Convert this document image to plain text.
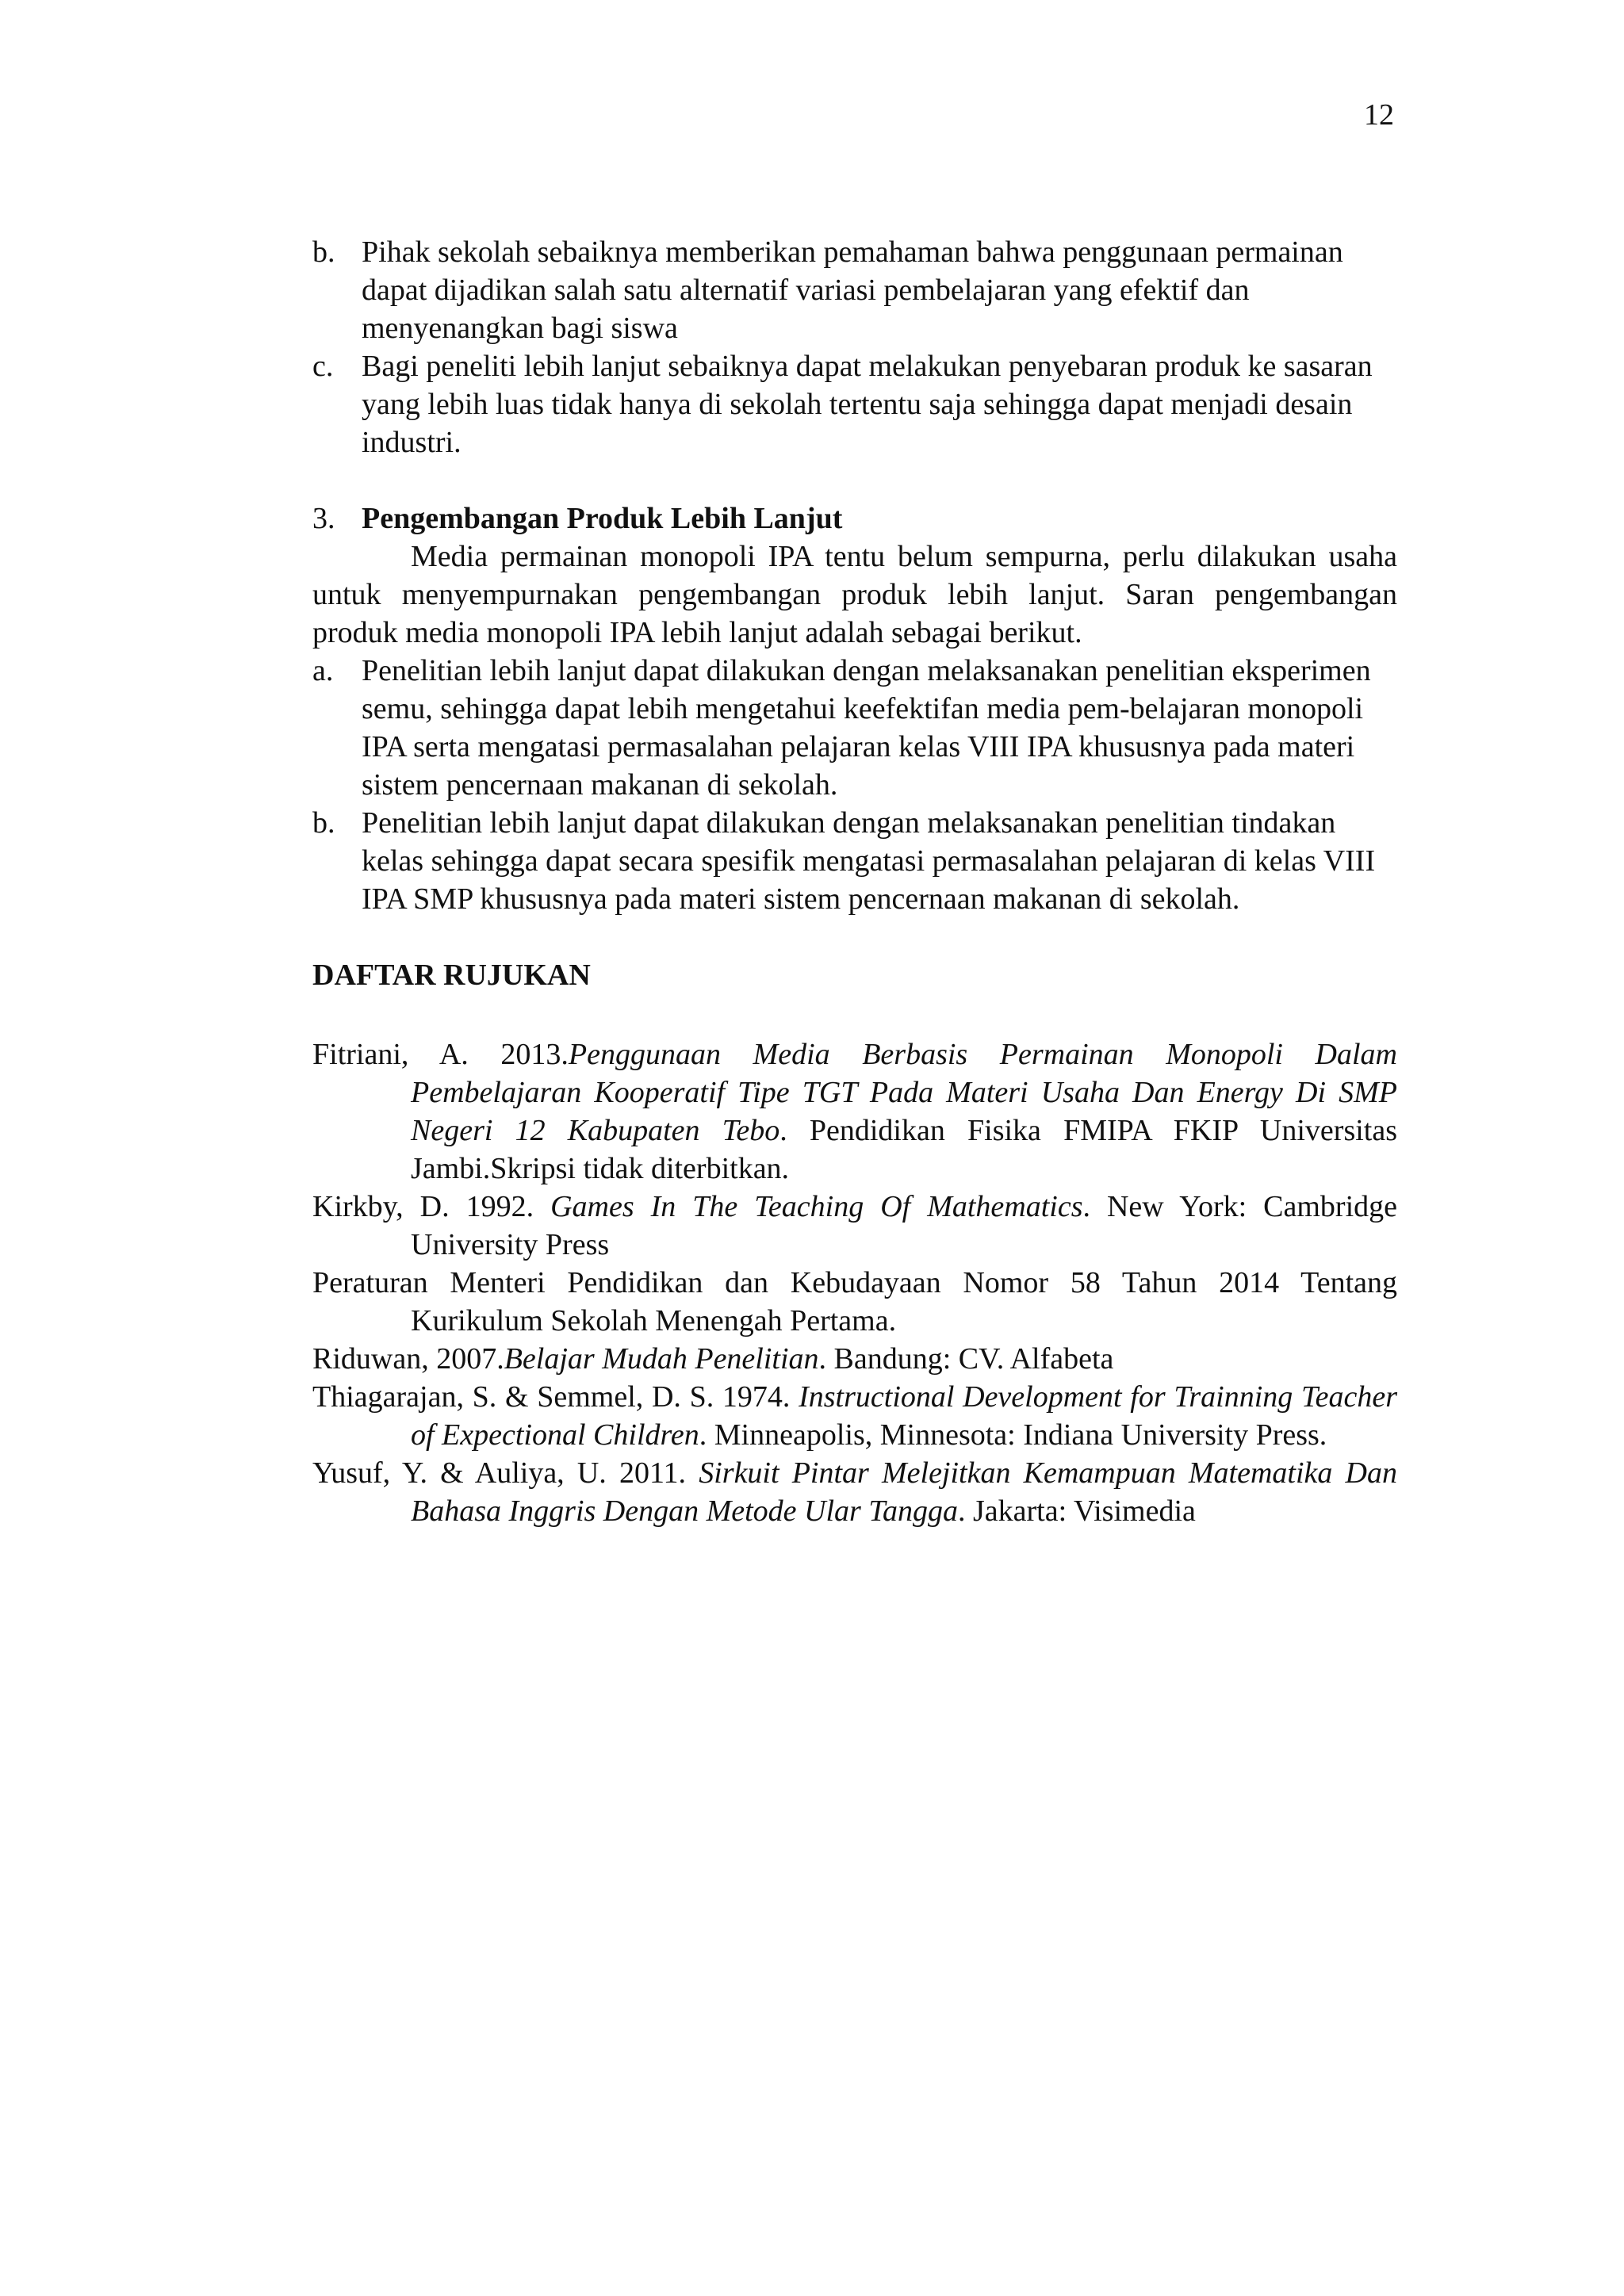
12
b. Pihak sekolah sebaiknya memberikan pemahaman bahwa penggunaan permainan dapat dijadikan salah satu alternatif variasi pembelajaran yang efektif dan menyenangkan bagi siswa
c. Bagi peneliti lebih lanjut sebaiknya dapat melakukan penyebaran produk ke sasaran yang lebih luas tidak hanya di sekolah tertentu saja sehingga dapat menjadi desain industri.
3. Pengembangan Produk Lebih Lanjut
Media permainan monopoli IPA tentu belum sempurna, perlu dilakukan usaha untuk menyempurnakan pengembangan produk lebih lanjut. Saran pengembangan produk media monopoli IPA lebih lanjut adalah sebagai berikut.
a. Penelitian lebih lanjut dapat dilakukan dengan melaksanakan penelitian eksperimen semu, sehingga dapat lebih mengetahui keefektifan media pem-belajaran monopoli IPA serta mengatasi permasalahan pelajaran kelas VIII IPA khususnya pada materi sistem pencernaan makanan di sekolah.
b. Penelitian lebih lanjut dapat dilakukan dengan melaksanakan penelitian tindakan kelas sehingga dapat secara spesifik mengatasi permasalahan pelajaran di kelas VIII IPA SMP khususnya pada materi sistem pencernaan makanan di sekolah.
DAFTAR RUJUKAN
Fitriani, A. 2013.Penggunaan Media Berbasis Permainan Monopoli Dalam Pembelajaran Kooperatif Tipe TGT Pada Materi Usaha Dan Energy Di SMP Negeri 12 Kabupaten Tebo. Pendidikan Fisika FMIPA FKIP Universitas Jambi.Skripsi tidak diterbitkan.
Kirkby, D. 1992. Games In The Teaching Of Mathematics. New York: Cambridge University Press
Peraturan Menteri Pendidikan dan Kebudayaan Nomor 58 Tahun 2014 Tentang Kurikulum Sekolah Menengah Pertama.
Riduwan, 2007.Belajar Mudah Penelitian. Bandung: CV. Alfabeta
Thiagarajan, S. & Semmel, D. S. 1974. Instructional Development for Trainning Teacher of Expectional Children. Minneapolis, Minnesota: Indiana University Press.
Yusuf, Y. & Auliya, U. 2011. Sirkuit Pintar Melejitkan Kemampuan Matematika Dan Bahasa Inggris Dengan Metode Ular Tangga. Jakarta: Visimedia
